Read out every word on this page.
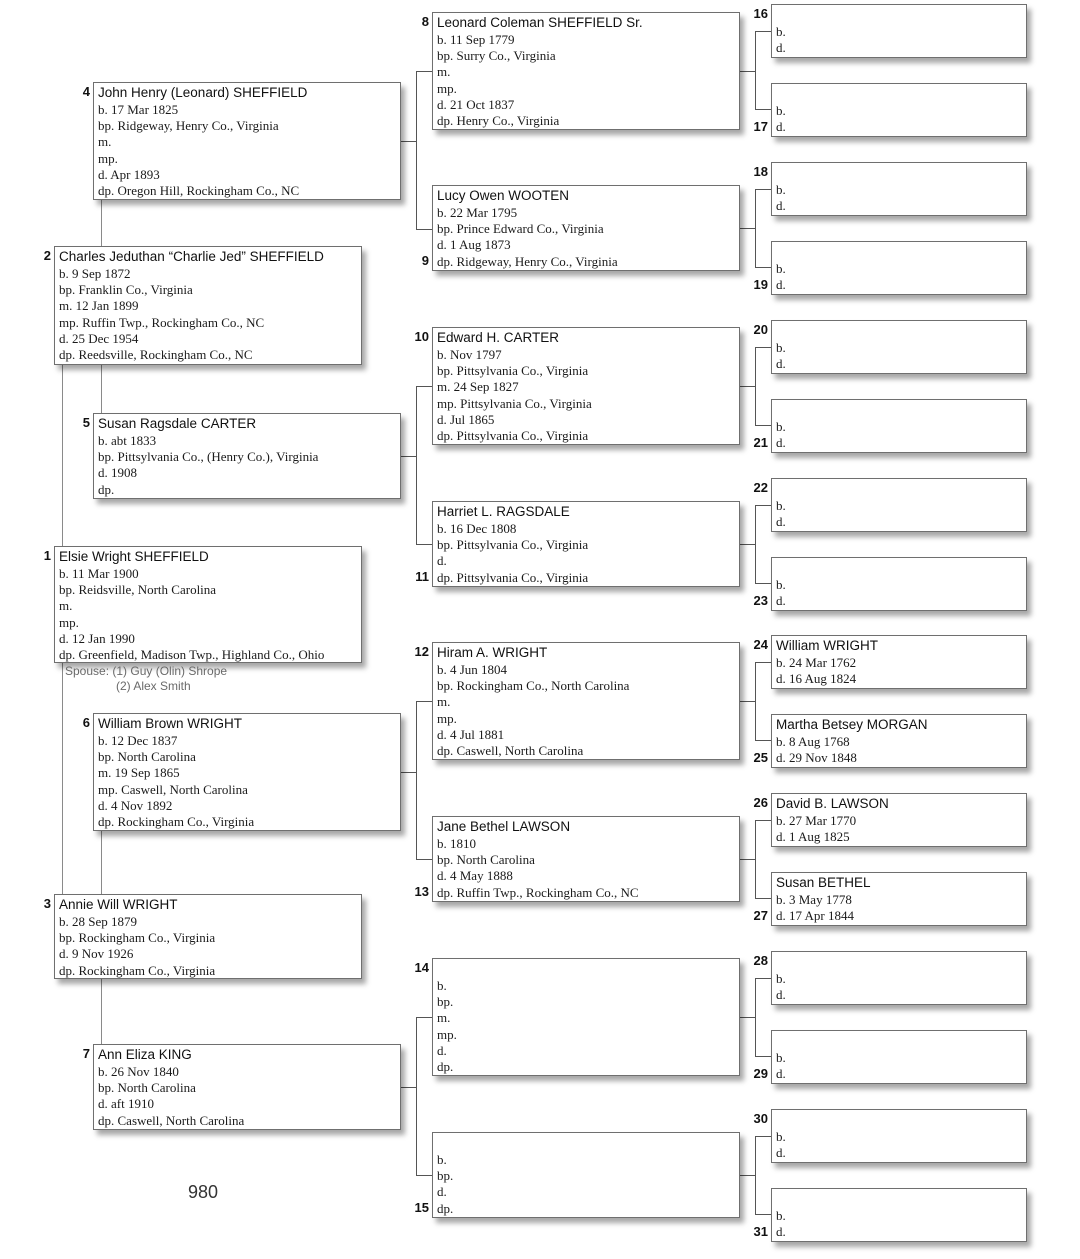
Elsie Wright SHEFFIELD
b. 11 Mar 1900
bp. Reidsville, North Carolina
m.
mp.
d. 12 Jan 1990
dp. Greenfield, Madison Twp., Highland Co., Ohio
1
Spouse: (1) Guy (Olin) Shrope
(2) Alex Smith
Charles Jeduthan “Charlie Jed” SHEFFIELD
b. 9 Sep 1872
bp. Franklin Co., Virginia
m. 12 Jan 1899
mp. Ruffin Twp., Rockingham Co., NC
d. 25 Dec 1954
dp. Reedsville, Rockingham Co., NC
2
Annie Will WRIGHT
b. 28 Sep 1879
bp. Rockingham Co., Virginia
d. 9 Nov 1926
dp. Rockingham Co., Virginia
3
John Henry (Leonard) SHEFFIELD
b. 17 Mar 1825
bp. Ridgeway, Henry Co., Virginia
m.
mp.
d. Apr 1893
dp. Oregon Hill, Rockingham Co., NC
4
Susan Ragsdale CARTER
b. abt 1833
bp. Pittsylvania Co., (Henry Co.), Virginia
d. 1908
dp.
5
William Brown WRIGHT
b. 12 Dec 1837
bp. North Carolina
m. 19 Sep 1865
mp. Caswell, North Carolina
d. 4 Nov 1892
dp. Rockingham Co., Virginia
6
Ann Eliza KING
b. 26 Nov 1840
bp. North Carolina
d. aft 1910
dp. Caswell, North Carolina
7
Leonard Coleman SHEFFIELD Sr.
b. 11 Sep 1779
bp. Surry Co., Virginia
m.
mp.
d. 21 Oct 1837
dp. Henry Co., Virginia
8
Lucy Owen WOOTEN
b. 22 Mar 1795
bp. Prince Edward Co., Virginia
d. 1 Aug 1873
dp. Ridgeway, Henry Co., Virginia
9
Edward H. CARTER
b. Nov 1797
bp. Pittsylvania Co., Virginia
m. 24 Sep 1827
mp. Pittsylvania Co., Virginia
d. Jul 1865
dp. Pittsylvania Co., Virginia
10
Harriet L. RAGSDALE
b. 16 Dec 1808
bp. Pittsylvania Co., Virginia
d.
dp. Pittsylvania Co., Virginia
11
Hiram A. WRIGHT
b. 4 Jun 1804
bp. Rockingham Co., North Carolina
m.
mp.
d. 4 Jul 1881
dp. Caswell, North Carolina
12
Jane Bethel LAWSON
b. 1810
bp. North Carolina
d. 4 May 1888
dp. Ruffin Twp., Rockingham Co., NC
13

b.
bp.
m.
mp.
d.
dp.
14

b.
bp.
d.
dp.
15

b.
d.
16

b.
d.
17

b.
d.
18

b.
d.
19

b.
d.
20

b.
d.
21

b.
d.
22

b.
d.
23
William WRIGHT
b. 24 Mar 1762
d. 16 Aug 1824
24
Martha Betsey MORGAN
b. 8 Aug 1768
d. 29 Nov 1848
25
David B. LAWSON
b. 27 Mar 1770
d. 1 Aug 1825
26
Susan BETHEL
b. 3 May 1778
d. 17 Apr 1844
27

b.
d.
28

b.
d.
29

b.
d.
30

b.
d.
31
980
